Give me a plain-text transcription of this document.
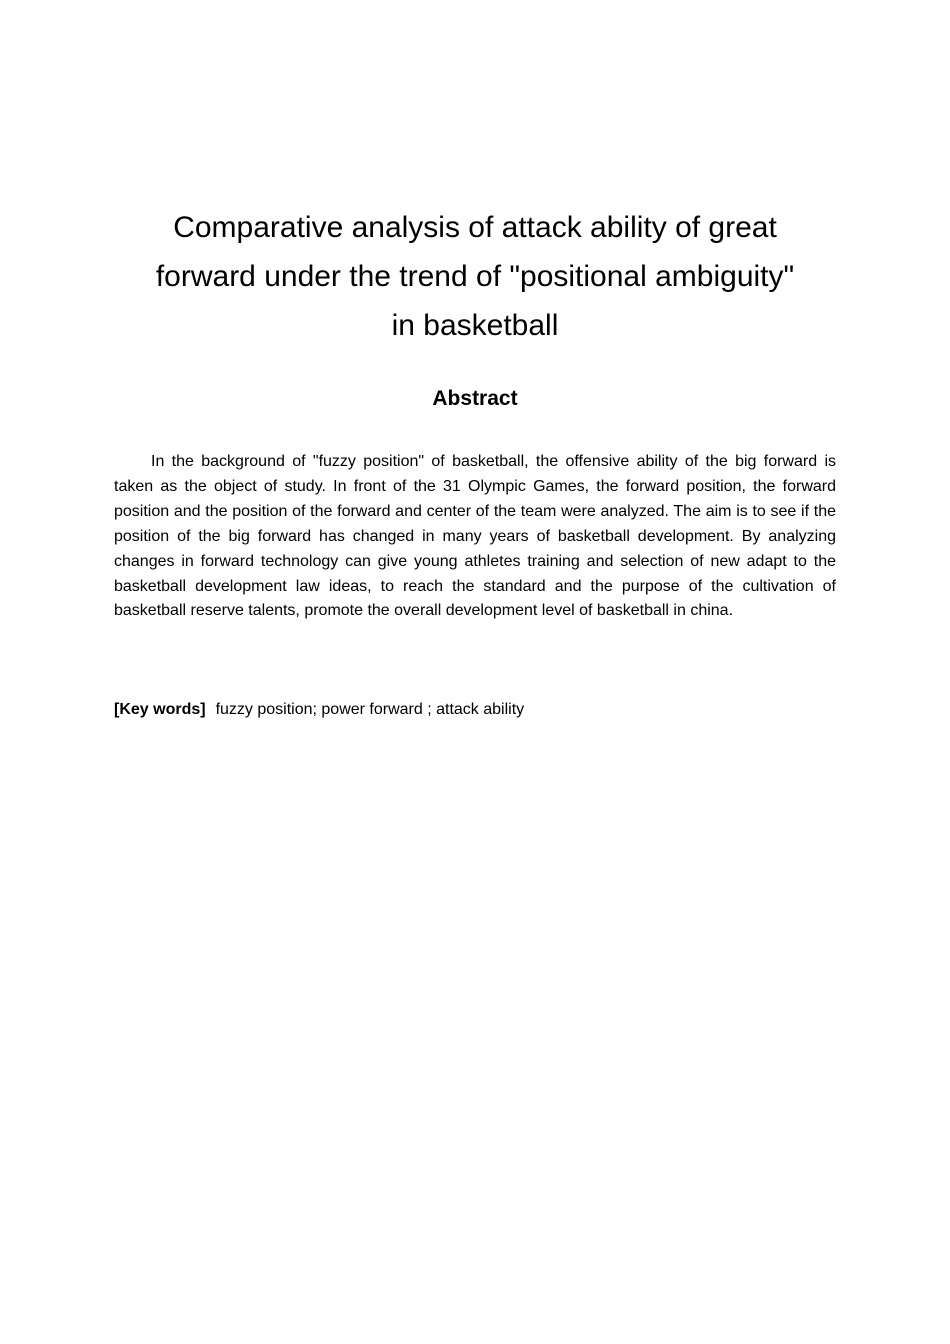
Comparative analysis of attack ability of great
forward under the trend of "positional ambiguity"
in basketball
Abstract

In the background of "fuzzy position" of basketball, the offensive ability of the big forward is taken as the object of study. In front of the 31 Olympic Games, the forward position, the forward position and the position of the forward and center of the team were analyzed. The aim is to see if the position of the big forward has changed in many years of basketball development. By analyzing changes in forward technology can give young athletes training and selection of new adapt to the basketball development law ideas, to reach the standard and the purpose of the cultivation of basketball reserve talents, promote the overall development level of basketball in china.

[Key words] fuzzy position; power forward ; attack ability
